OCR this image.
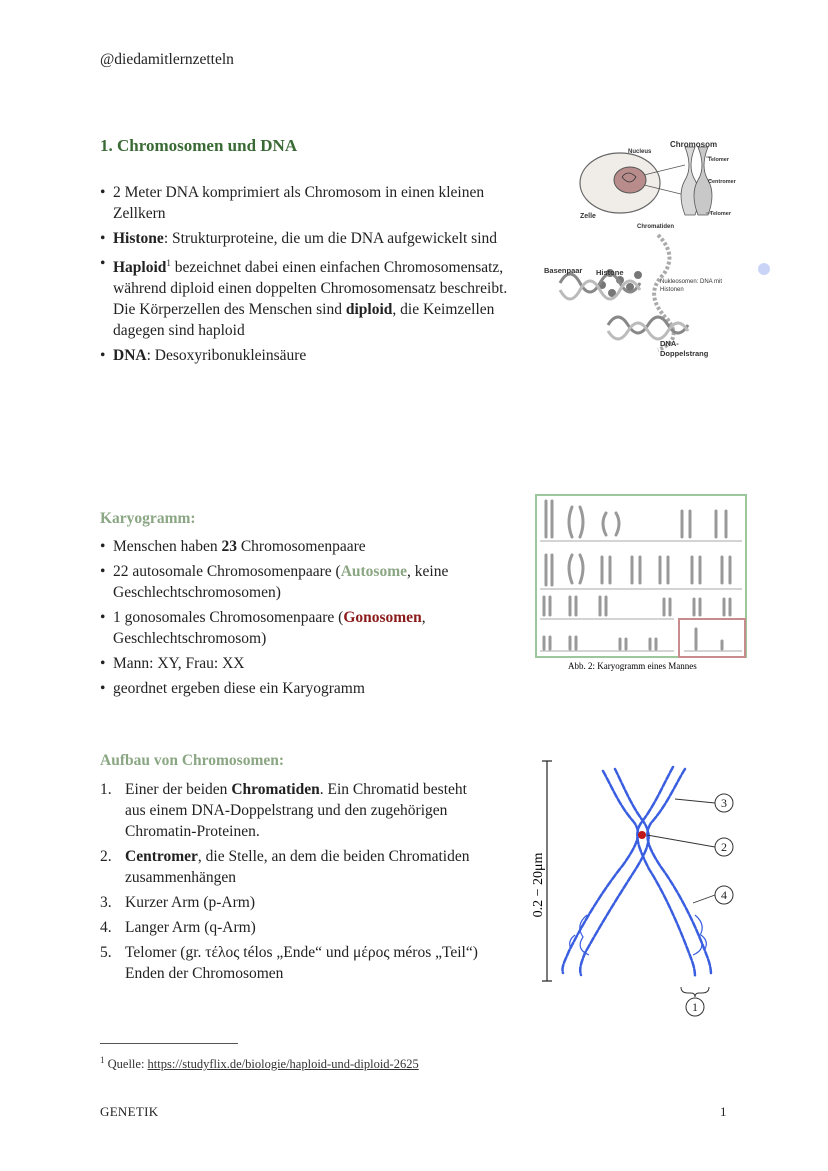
@diedamitlernzetteln
1. Chromosomen und DNA
• 2 Meter DNA komprimiert als Chromosom in einen kleinen Zellkern
• Histone: Strukturproteine, die um die DNA aufgewickelt sind
• Haploid$^1$ bezeichnet dabei einen einfachen Chromosomensatz, während diploid einen doppelten Chromosomensatz beschreibt. Die Körperzellen des Menschen sind diploid, die Keimzellen dagegen sind haploid
• DNA: Desoxyribonukleinsäure
Chromosom
Nucleus
Telomer
Centromer
Telomer
Zelle
Chromatiden
Basenpaar Histone
Nukleosomen: DNA mit
Histonen
DNA-
Doppelstrang
Karyogramm:
• Menschen haben 23 Chromosomenpaare
• 22 autosomale Chromosomenpaare (Autosome, keine Geschlechtschromosomen)
• 1 gonosomales Chromosomenpaare (Gonosomen, Geschlechtschromosom)
• Mann: XY, Frau: XX
• geordnet ergeben diese ein Karyogramm
Abb. 2: Karyogramm eines Mannes
Aufbau von Chromosomen:
1. Einer der beiden Chromatiden. Ein Chromatid besteht aus einem DNA-Doppelstrang und den zugehörigen Chromatin-Proteinen.
2. Centromer, die Stelle, an dem die beiden Chromatiden zusammenhängen
3. Kurzer Arm (p-Arm)
4. Langer Arm (q-Arm)
5. Telomer (gr. τέλος télos „Ende“ und μέρος méros „Teil“) Enden der Chromosomen
0.2 − 20μm
3
2
4
1
$^1$ Quelle: https://studyflix.de/biologie/haploid-und-diploid-2625
GENETIK	1
